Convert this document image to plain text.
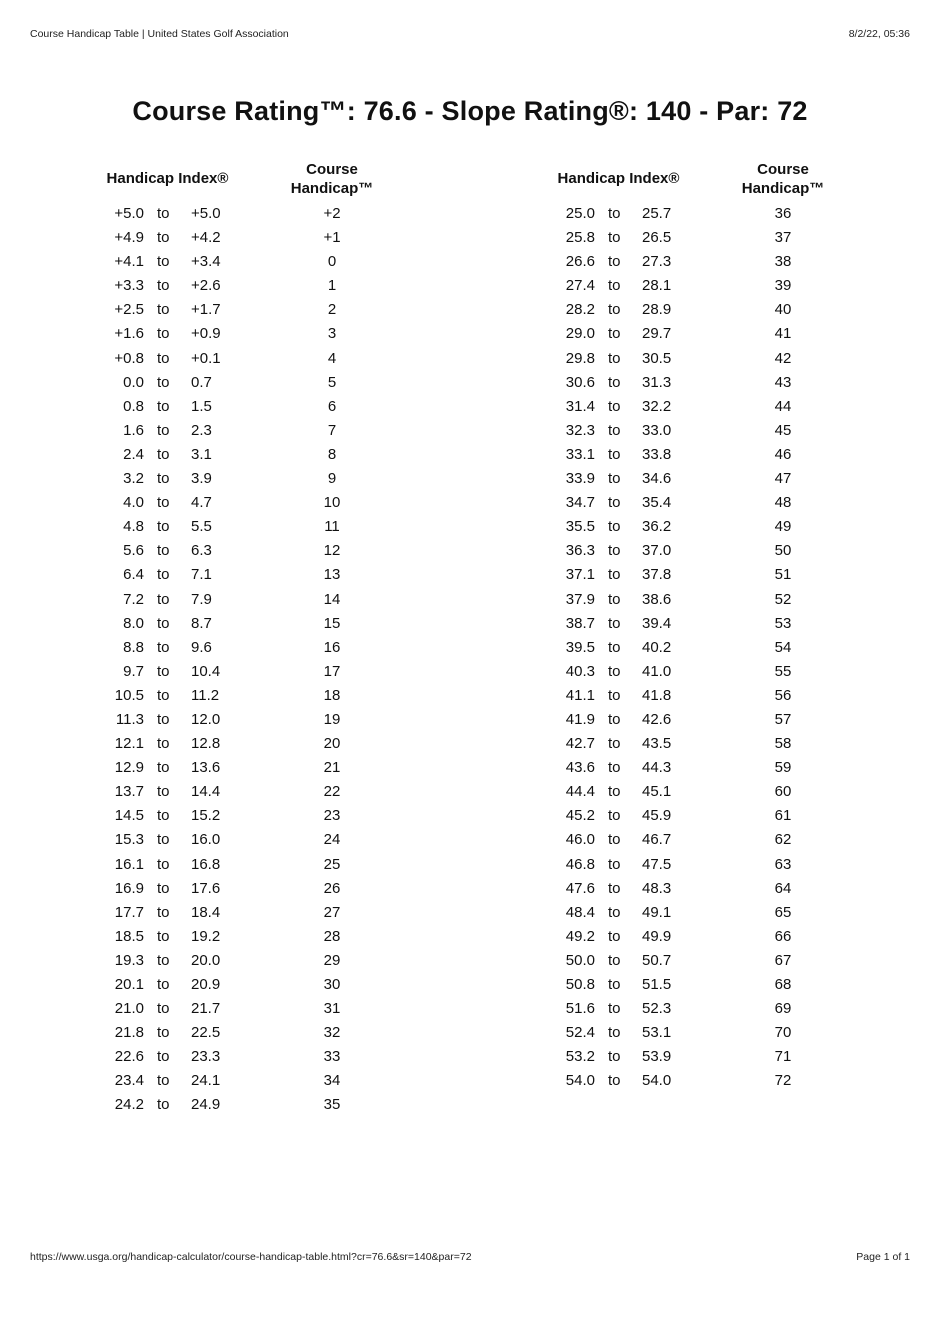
Course Handicap Table | United States Golf Association	8/2/22, 05:36
Course Rating™: 76.6 - Slope Rating®: 140 - Par: 72
Handicap Index®
Course
Handicap™
+5.0 to	+5.0	+2
+4.9 to	+4.2	+1
+4.1 to	+3.4	0
+3.3 to	+2.6	1
+2.5 to	+1.7	2
+1.6 to	+0.9	3
+0.8 to	+0.1	4
0.0 to	0.7	5
0.8 to	1.5	6
1.6 to	2.3	7
2.4 to	3.1	8
3.2 to	3.9	9
4.0 to	4.7	10
4.8 to	5.5	11
5.6 to	6.3	12
6.4 to	7.1	13
7.2 to	7.9	14
8.0 to	8.7	15
8.8 to	9.6	16
9.7 to	10.4	17
10.5 to	11.2	18
11.3 to	12.0	19
12.1 to	12.8	20
12.9 to	13.6	21
13.7 to	14.4	22
14.5 to	15.2	23
15.3 to	16.0	24
16.1 to	16.8	25
16.9 to	17.6	26
17.7 to	18.4	27
18.5 to	19.2	28
19.3 to	20.0	29
20.1 to	20.9	30
21.0 to	21.7	31
21.8 to	22.5	32
22.6 to	23.3	33
23.4 to	24.1	34
24.2 to	24.9	35
Handicap Index®
Course
Handicap™
25.0 to	25.7	36
25.8 to	26.5	37
26.6 to	27.3	38
27.4 to	28.1	39
28.2 to	28.9	40
29.0 to	29.7	41
29.8 to	30.5	42
30.6 to	31.3	43
31.4 to	32.2	44
32.3 to	33.0	45
33.1 to	33.8	46
33.9 to	34.6	47
34.7 to	35.4	48
35.5 to	36.2	49
36.3 to	37.0	50
37.1 to	37.8	51
37.9 to	38.6	52
38.7 to	39.4	53
39.5 to	40.2	54
40.3 to	41.0	55
41.1 to	41.8	56
41.9 to	42.6	57
42.7 to	43.5	58
43.6 to	44.3	59
44.4 to	45.1	60
45.2 to	45.9	61
46.0 to	46.7	62
46.8 to	47.5	63
47.6 to	48.3	64
48.4 to	49.1	65
49.2 to	49.9	66
50.0 to	50.7	67
50.8 to	51.5	68
51.6 to	52.3	69
52.4 to	53.1	70
53.2 to	53.9	71
54.0 to	54.0	72
https://www.usga.org/handicap-calculator/course-handicap-table.html?cr=76.6&sr=140&par=72	Page 1 of 1
